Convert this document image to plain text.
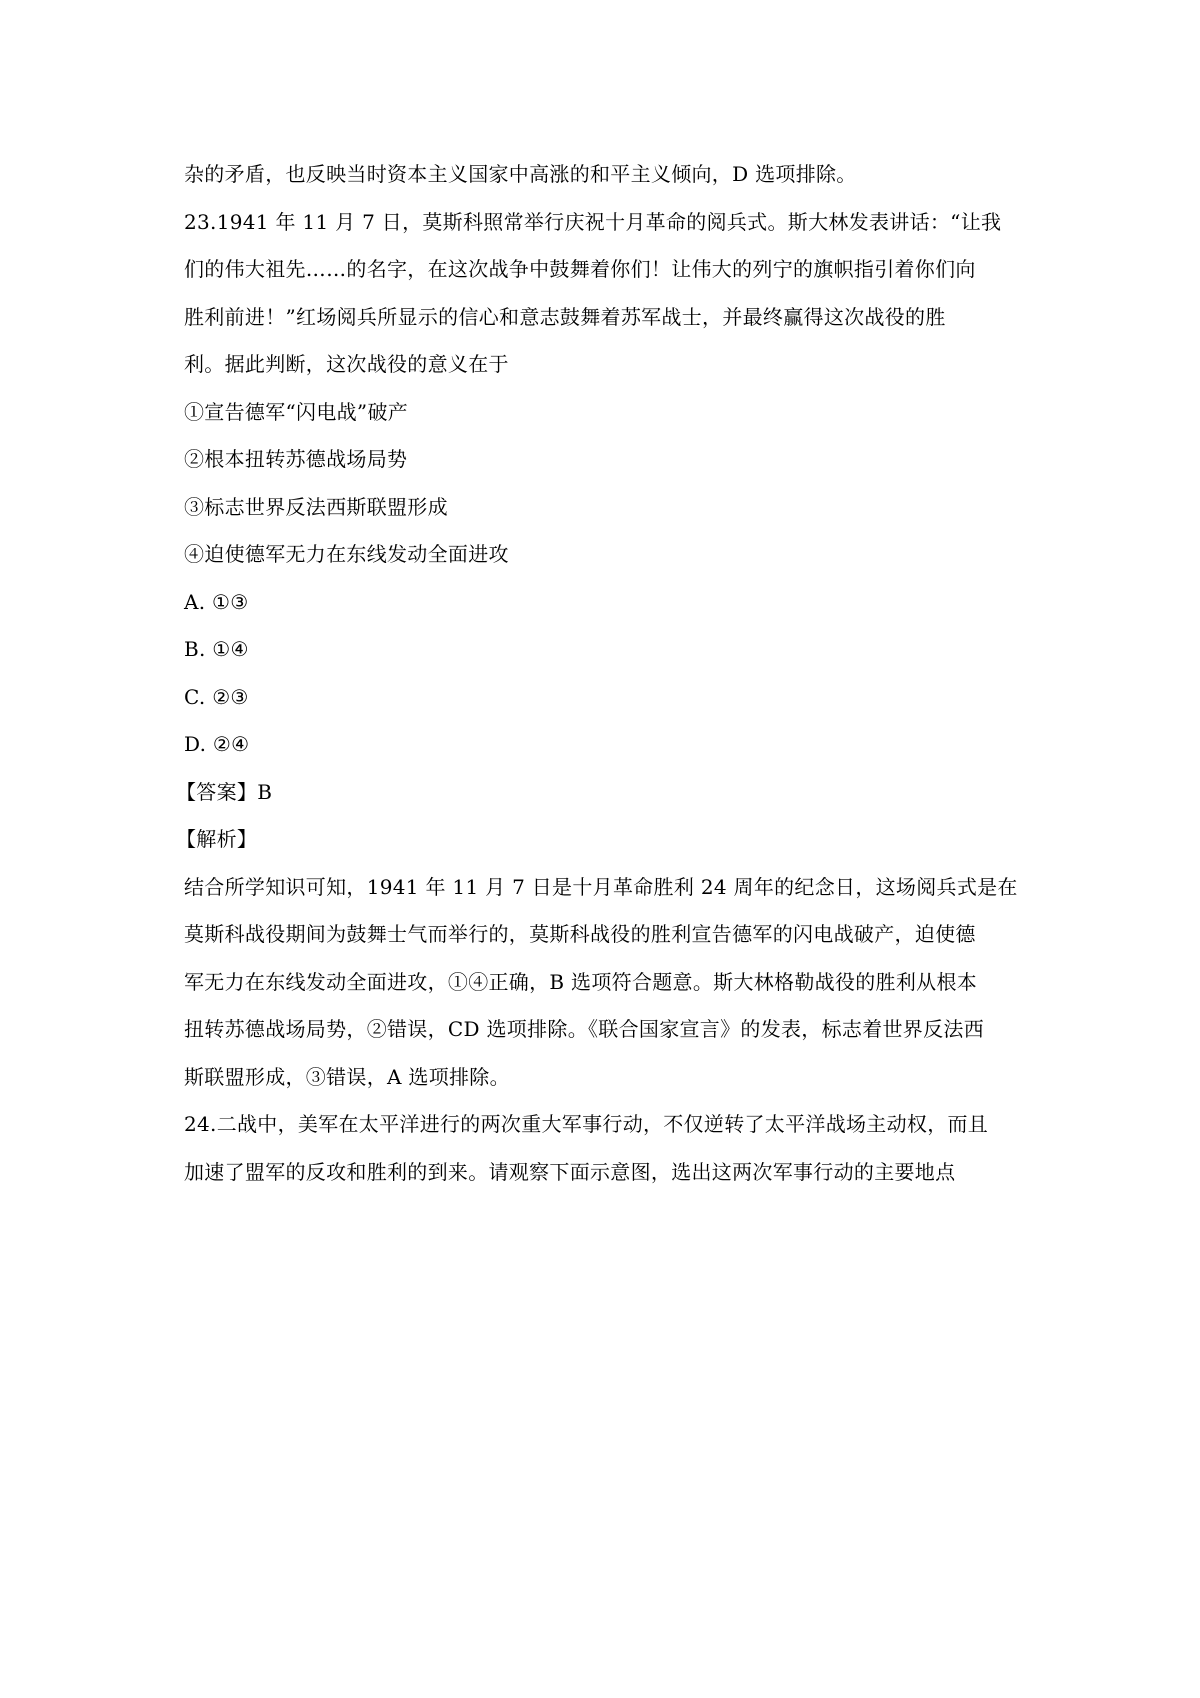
杂的矛盾，也反映当时资本主义国家中高涨的和平主义倾向，D 选项排除。
23.1941 年 11 月 7 日，莫斯科照常举行庆祝十月革命的阅兵式。斯大林发表讲话：“让我
们的伟大祖先……的名字，在这次战争中鼓舞着你们！让伟大的列宁的旗帜指引着你们向
胜利前进！”红场阅兵所显示的信心和意志鼓舞着苏军战士，并最终赢得这次战役的胜
利。据此判断，这次战役的意义在于
①宣告德军“闪电战”破产
②根本扭转苏德战场局势
③标志世界反法西斯联盟形成
④迫使德军无力在东线发动全面进攻
A. ①③
B. ①④
C. ②③
D. ②④
【答案】B
【解析】
结合所学知识可知，1941 年 11 月 7 日是十月革命胜利 24 周年的纪念日，这场阅兵式是在
莫斯科战役期间为鼓舞士气而举行的，莫斯科战役的胜利宣告德军的闪电战破产，迫使德
军无力在东线发动全面进攻，①④正确，B 选项符合题意。斯大林格勒战役的胜利从根本
扭转苏德战场局势，②错误，CD 选项排除。《联合国家宣言》的发表，标志着世界反法西
斯联盟形成，③错误，A 选项排除。
24.二战中，美军在太平洋进行的两次重大军事行动，不仅逆转了太平洋战场主动权，而且
加速了盟军的反攻和胜利的到来。请观察下面示意图，选出这两次军事行动的主要地点
